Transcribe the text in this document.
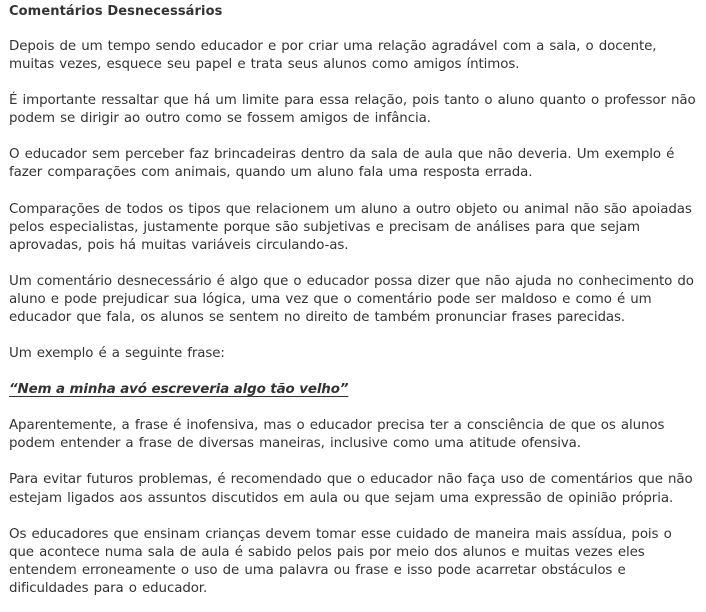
Comentários Desnecessários

Depois de um tempo sendo educador e por criar uma relação agradável com a sala, o docente, muitas vezes, esquece seu papel e trata seus alunos como amigos íntimos.

É importante ressaltar que há um limite para essa relação, pois tanto o aluno quanto o professor não podem se dirigir ao outro como se fossem amigos de infância.

O educador sem perceber faz brincadeiras dentro da sala de aula que não deveria. Um exemplo é fazer comparações com animais, quando um aluno fala uma resposta errada.

Comparações de todos os tipos que relacionem um aluno a outro objeto ou animal não são apoiadas pelos especialistas, justamente porque são subjetivas e precisam de análises para que sejam aprovadas, pois há muitas variáveis circulando-as.

Um comentário desnecessário é algo que o educador possa dizer que não ajuda no conhecimento do aluno e pode prejudicar sua lógica, uma vez que o comentário pode ser maldoso e como é um educador que fala, os alunos se sentem no direito de também pronunciar frases parecidas.

Um exemplo é a seguinte frase:

“Nem a minha avó escreveria algo tão velho”

Aparentemente, a frase é inofensiva, mas o educador precisa ter a consciência de que os alunos podem entender a frase de diversas maneiras, inclusive como uma atitude ofensiva.

Para evitar futuros problemas, é recomendado que o educador não faça uso de comentários que não estejam ligados aos assuntos discutidos em aula ou que sejam uma expressão de opinião própria.

Os educadores que ensinam crianças devem tomar esse cuidado de maneira mais assídua, pois o que acontece numa sala de aula é sabido pelos pais por meio dos alunos e muitas vezes eles entendem erroneamente o uso de uma palavra ou frase e isso pode acarretar obstáculos e dificuldades para o educador.
